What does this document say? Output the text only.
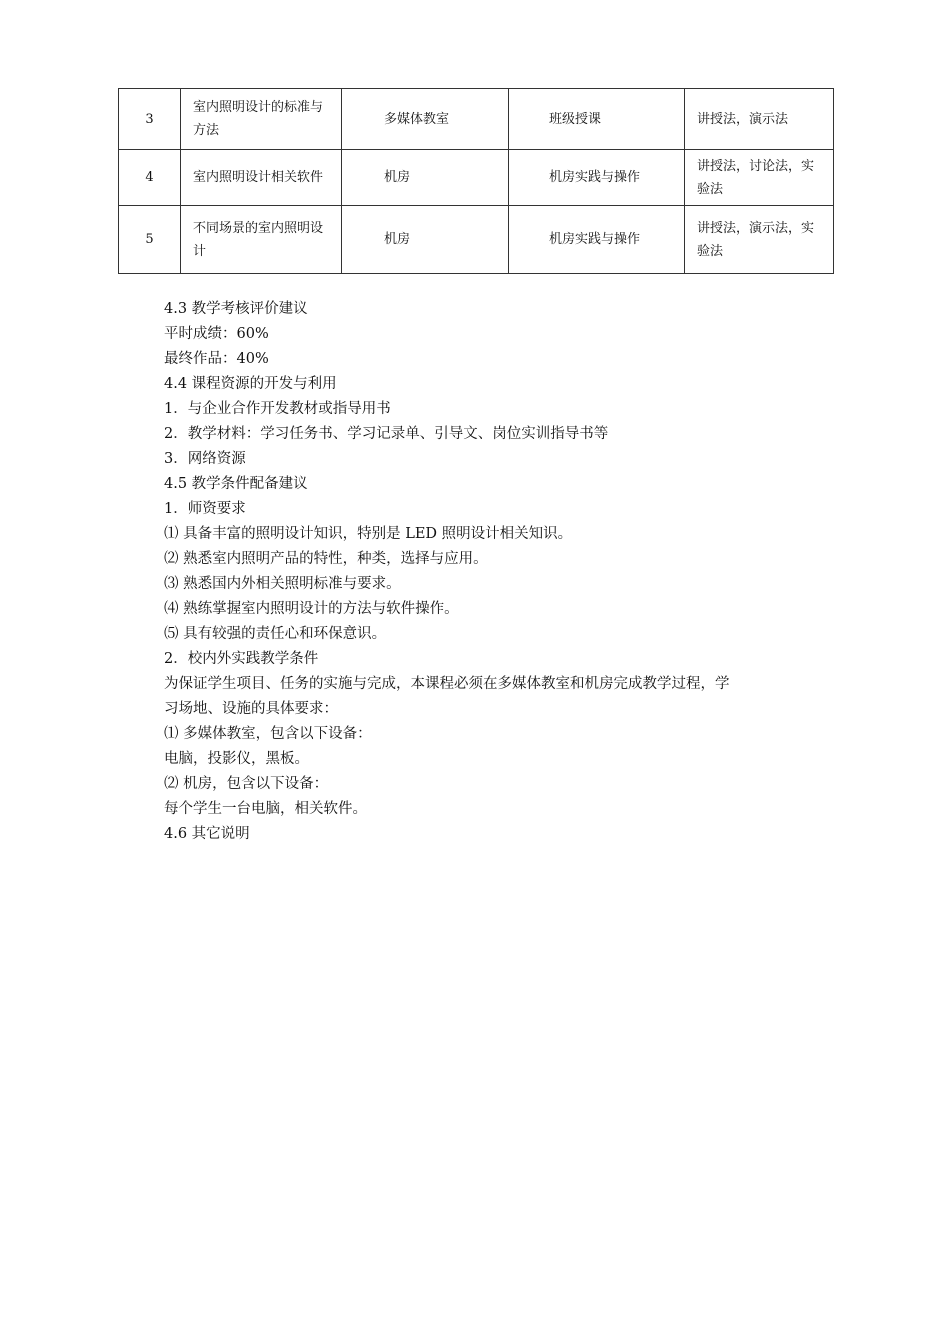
3	室内照明设计的标准与方法	多媒体教室	班级授课	讲授法，演示法
4	室内照明设计相关软件	机房	机房实践与操作	讲授法，讨论法，实验法
5	不同场景的室内照明设计	机房	机房实践与操作	讲授法，演示法，实验法
4.3 教学考核评价建议
平时成绩：60%
最终作品：40%
4.4 课程资源的开发与利用
1．与企业合作开发教材或指导用书
2．教学材料：学习任务书、学习记录单、引导文、岗位实训指导书等
3．网络资源
4.5 教学条件配备建议
1．师资要求
⑴ 具备丰富的照明设计知识，特别是 LED 照明设计相关知识。
⑵ 熟悉室内照明产品的特性，种类，选择与应用。
⑶ 熟悉国内外相关照明标准与要求。
⑷ 熟练掌握室内照明设计的方法与软件操作。
⑸ 具有较强的责任心和环保意识。
2．校内外实践教学条件
为保证学生项目、任务的实施与完成，本课程必须在多媒体教室和机房完成教学过程，学
习场地、设施的具体要求：
⑴ 多媒体教室，包含以下设备：
电脑，投影仪，黑板。
⑵ 机房，包含以下设备：
每个学生一台电脑，相关软件。
4.6 其它说明
